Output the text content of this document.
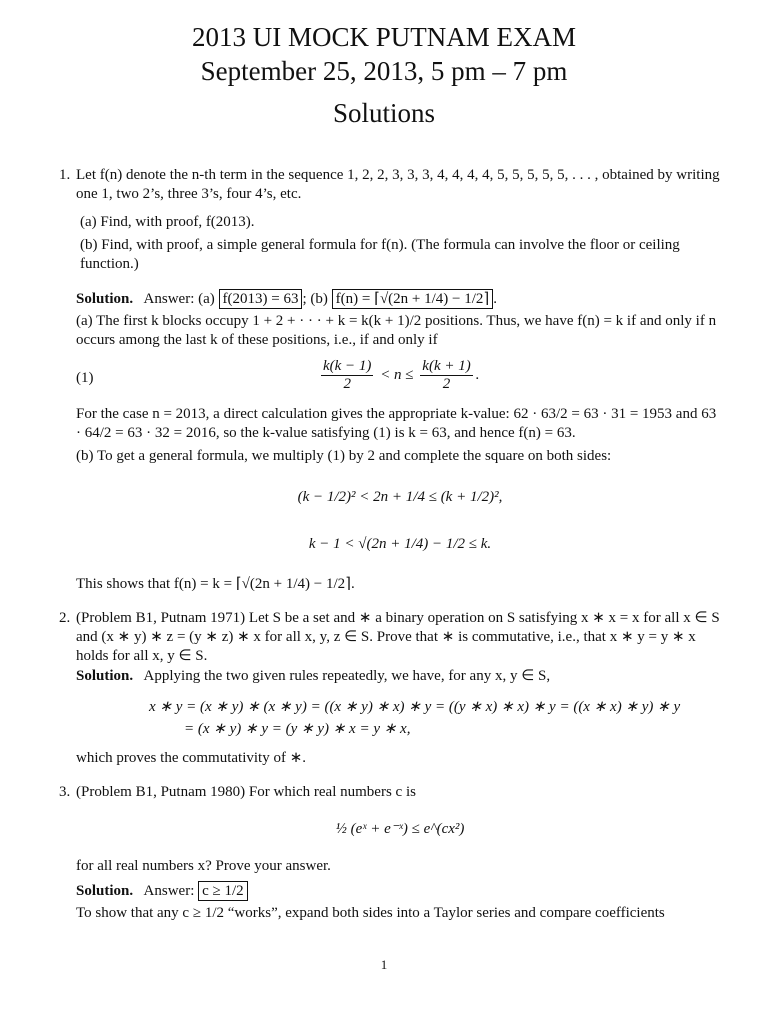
2013 UI MOCK PUTNAM EXAM
September 25, 2013, 5 pm – 7 pm
Solutions
1. Let f(n) denote the n-th term in the sequence 1, 2, 2, 3, 3, 3, 4, 4, 4, 4, 5, 5, 5, 5, 5, . . . , obtained by writing one 1, two 2’s, three 3’s, four 4’s, etc.
(a) Find, with proof, f(2013).
(b) Find, with proof, a simple general formula for f(n). (The formula can involve the floor or ceiling function.)
Solution. Answer: (a) f(2013) = 63 ; (b) f(n) = ⌈√(2n + 1/4) − 1/2⌉ .
(a) The first k blocks occupy 1 + 2 + · · · + k = k(k + 1)/2 positions. Thus, we have f(n) = k if and only if n occurs among the last k of these positions, i.e., if and only if
(1)	$\frac{k(k - 1)}{2} < n \le \frac{k(k + 1)}{2}$ .
For the case n = 2013, a direct calculation gives the appropriate k-value: 62 · 63/2 = 63 · 31 = 1953 and 63 · 64/2 = 63 · 32 = 2016, so the k-value satisfying (1) is k = 63, and hence f(n) = 63.
(b) To get a general formula, we multiply (1) by 2 and complete the square on both sides:
(k − 1/2)² < 2n + 1/4 ≤ (k + 1/2)²,
k − 1 < √(2n + 1/4) − 1/2 ≤ k.
This shows that f(n) = k = ⌈√(2n + 1/4) − 1/2⌉.
2. (Problem B1, Putnam 1971) Let S be a set and ∗ a binary operation on S satisfying x ∗ x = x for all x ∈ S and (x ∗ y) ∗ z = (y ∗ z) ∗ x for all x, y, z ∈ S. Prove that ∗ is commutative, i.e., that x ∗ y = y ∗ x holds for all x, y ∈ S.
Solution. Applying the two given rules repeatedly, we have, for any x, y ∈ S,
x ∗ y = (x ∗ y) ∗ (x ∗ y) = ((x ∗ y) ∗ x) ∗ y = ((y ∗ x) ∗ x) ∗ y = ((x ∗ x) ∗ y) ∗ y
= (x ∗ y) ∗ y = (y ∗ y) ∗ x = y ∗ x,
which proves the commutativity of ∗.
3. (Problem B1, Putnam 1980) For which real numbers c is
½ (eˣ + e⁻ˣ) ≤ e^(cx²)
for all real numbers x? Prove your answer.
Solution. Answer: c ≥ 1/2
To show that any c ≥ 1/2 “works”, expand both sides into a Taylor series and compare coefficients
1
